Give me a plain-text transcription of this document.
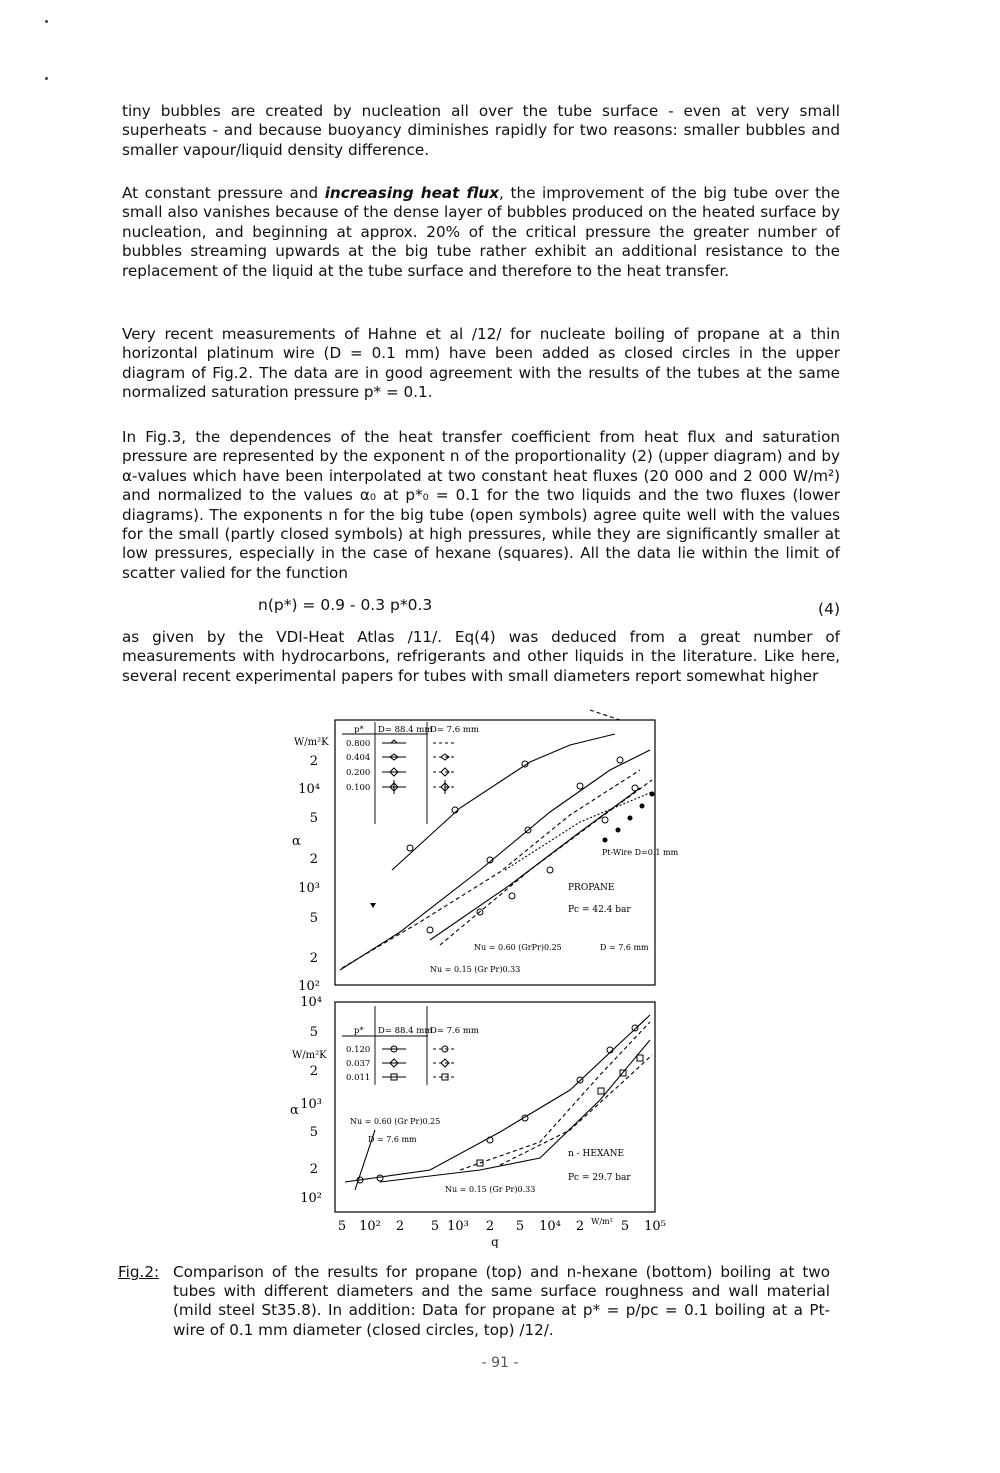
tiny bubbles are created by nucleation all over the tube surface - even at very small superheats - and because buoyancy diminishes rapidly for two reasons: smaller bubbles and smaller vapour/liquid density difference.

At constant pressure and increasing heat flux, the improvement of the big tube over the small also vanishes because of the dense layer of bubbles produced on the heated surface by nucleation, and beginning at approx. 20% of the critical pressure the greater number of bubbles streaming upwards at the big tube rather exhibit an additional resistance to the replacement of the liquid at the tube surface and therefore to the heat transfer.

Very recent measurements of Hahne et al /12/ for nucleate boiling of propane at a thin horizontal platinum wire (D = 0.1 mm) have been added as closed circles in the upper diagram of Fig.2. The data are in good agreement with the results of the tubes at the same normalized saturation pressure p* = 0.1.

In Fig.3, the dependences of the heat transfer coefficient from heat flux and saturation pressure are represented by the exponent n of the proportionality (2) (upper diagram) and by α-values which have been interpolated at two constant heat fluxes (20 000 and 2 000 W/m²) and normalized to the values α₀ at p*₀ = 0.1 for the two liquids and the two fluxes (lower diagrams). The exponents n for the big tube (open symbols) agree quite well with the values for the small (partly closed symbols) at high pressures, while they are significantly smaller at low pressures, especially in the case of hexane (squares). All the data lie within the limit of scatter valied for the function

n(p*) = 0.9 - 0.3 p*0.3	(4)

as given by the VDI-Heat Atlas /11/. Eq(4) was deduced from a great number of measurements with hydrocarbons, refrigerants and other liquids in the literature. Like here, several recent experimental papers for tubes with small diameters report somewhat higher

2
10⁴
5
2
10³
5
2
10²
W/m²K
α
p* D= 88.4 mm
D= 7.6 mm
0.800
0.404
0.200
0.100
Pt-Wire D=0.1 mm
PROPANE
Pc = 42.4 bar
Nu = 0.60 (GrPr)0.25	D = 7.6 mm
Nu = 0.15 (Gr Pr)0.33
10⁴
5
2
10³
5
2
10²
W/m²K
α
p* D= 88.4 mm
D= 7.6 mm
0.120
0.037
0.011
Nu = 0.60 (Gr Pr)0.25
D = 7.6 mm
Nu = 0.15 (Gr Pr)0.33
n - HEXANE
Pc = 29.7 bar
5 10² 2 5 10³ 2 5 10⁴ 2 W/m² 5 10⁵
q
Fig.2: Comparison of the results for propane (top) and n-hexane (bottom) boiling at two tubes with different diameters and the same surface roughness and wall material (mild steel St35.8). In addition: Data for propane at p* = p/pc = 0.1 boiling at a Pt-wire of 0.1 mm diameter (closed circles, top) /12/.
- 91 -
